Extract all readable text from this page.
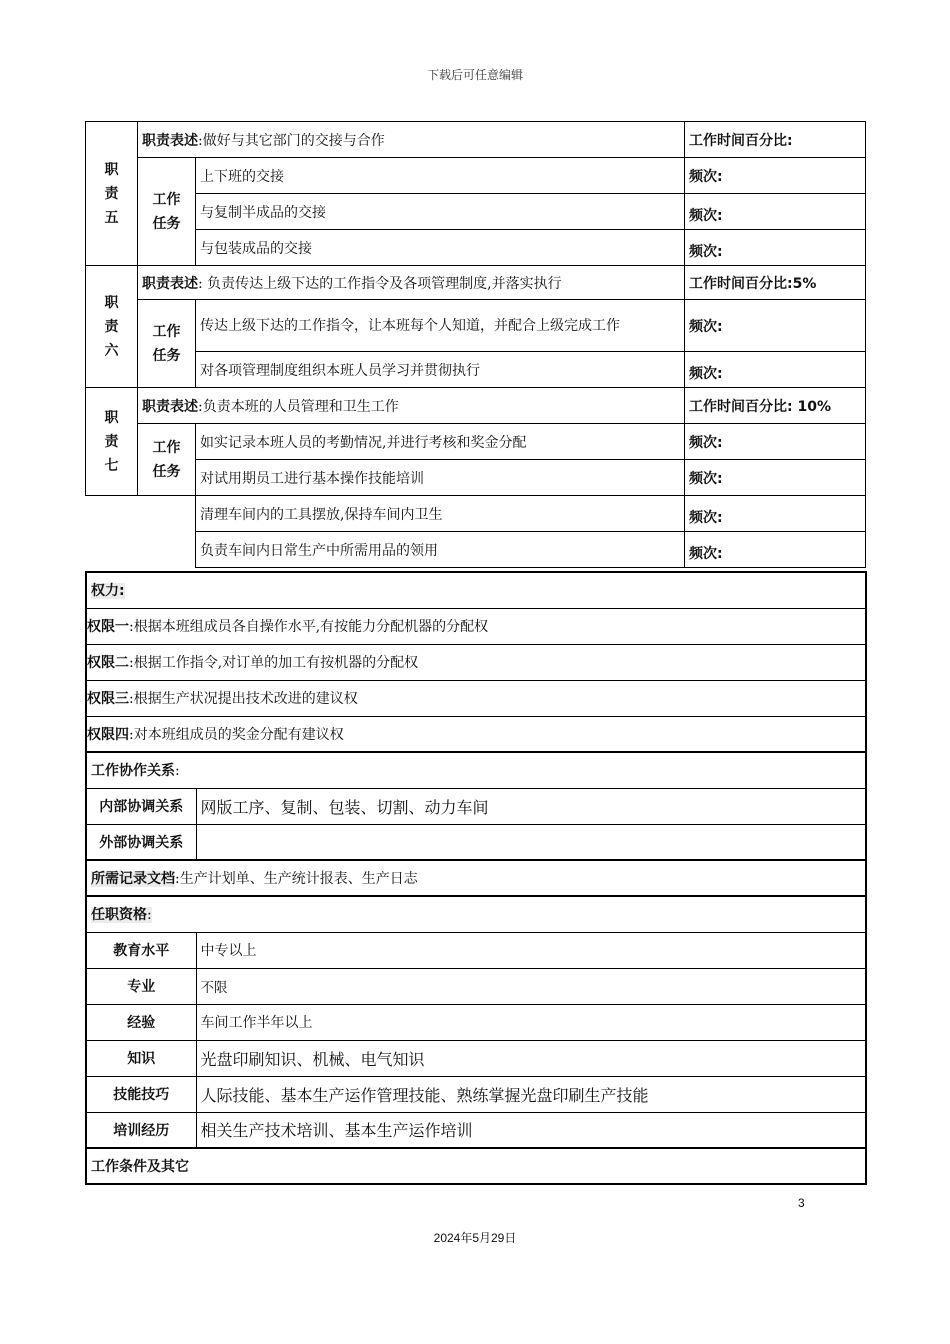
下载后可任意编辑
职
责
五	职责表述:做好与其它部门的交接与合作		工作时间百分比:

	工作
任务	上下班的交接	频次:
		与复制半成品的交接	频次:
		与包装成品的交接	频次:

职
责
六	职责表述: 负责传达上级下达的工作指令及各项管理制度,并落实执行		工作时间百分比:5%

	工作
任务	传达上级下达的工作指令，让本班每个人知道，并配合上级完成工作	频次:
		对各项管理制度组织本班人员学习并贯彻执行	频次:

职
责
七	职责表述:负责本班的人员管理和卫生工作		工作时间百分比: 10%

	工作
任务	如实记录本班人员的考勤情况,并进行考核和奖金分配	频次:
		对试用期员工进行基本操作技能培训	频次:
		清理车间内的工具摆放,保持车间内卫生	频次:
		负责车间内日常生产中所需用品的领用	频次:
权力:	
权限一:根据本班组成员各自操作水平,有按能力分配机器的分配权	
权限二:根据工作指令,对订单的加工有按机器的分配权	
权限三:根据生产状况提出技术改进的建议权	
权限四:对本班组成员的奖金分配有建议权	
工作协作关系:	
内部协调关系	网版工序、复制、包装、切割、动力车间
外部协调关系	
所需记录文档:生产计划单、生产统计报表、生产日志	
任职资格:	
教育水平	中专以上
专业	不限
经验	车间工作半年以上
知识	光盘印刷知识、机械、电气知识
技能技巧	人际技能、基本生产运作管理技能、熟练掌握光盘印刷生产技能
培训经历	相关生产技术培训、基本生产运作培训
工作条件及其它	
3
2024年5月29日
